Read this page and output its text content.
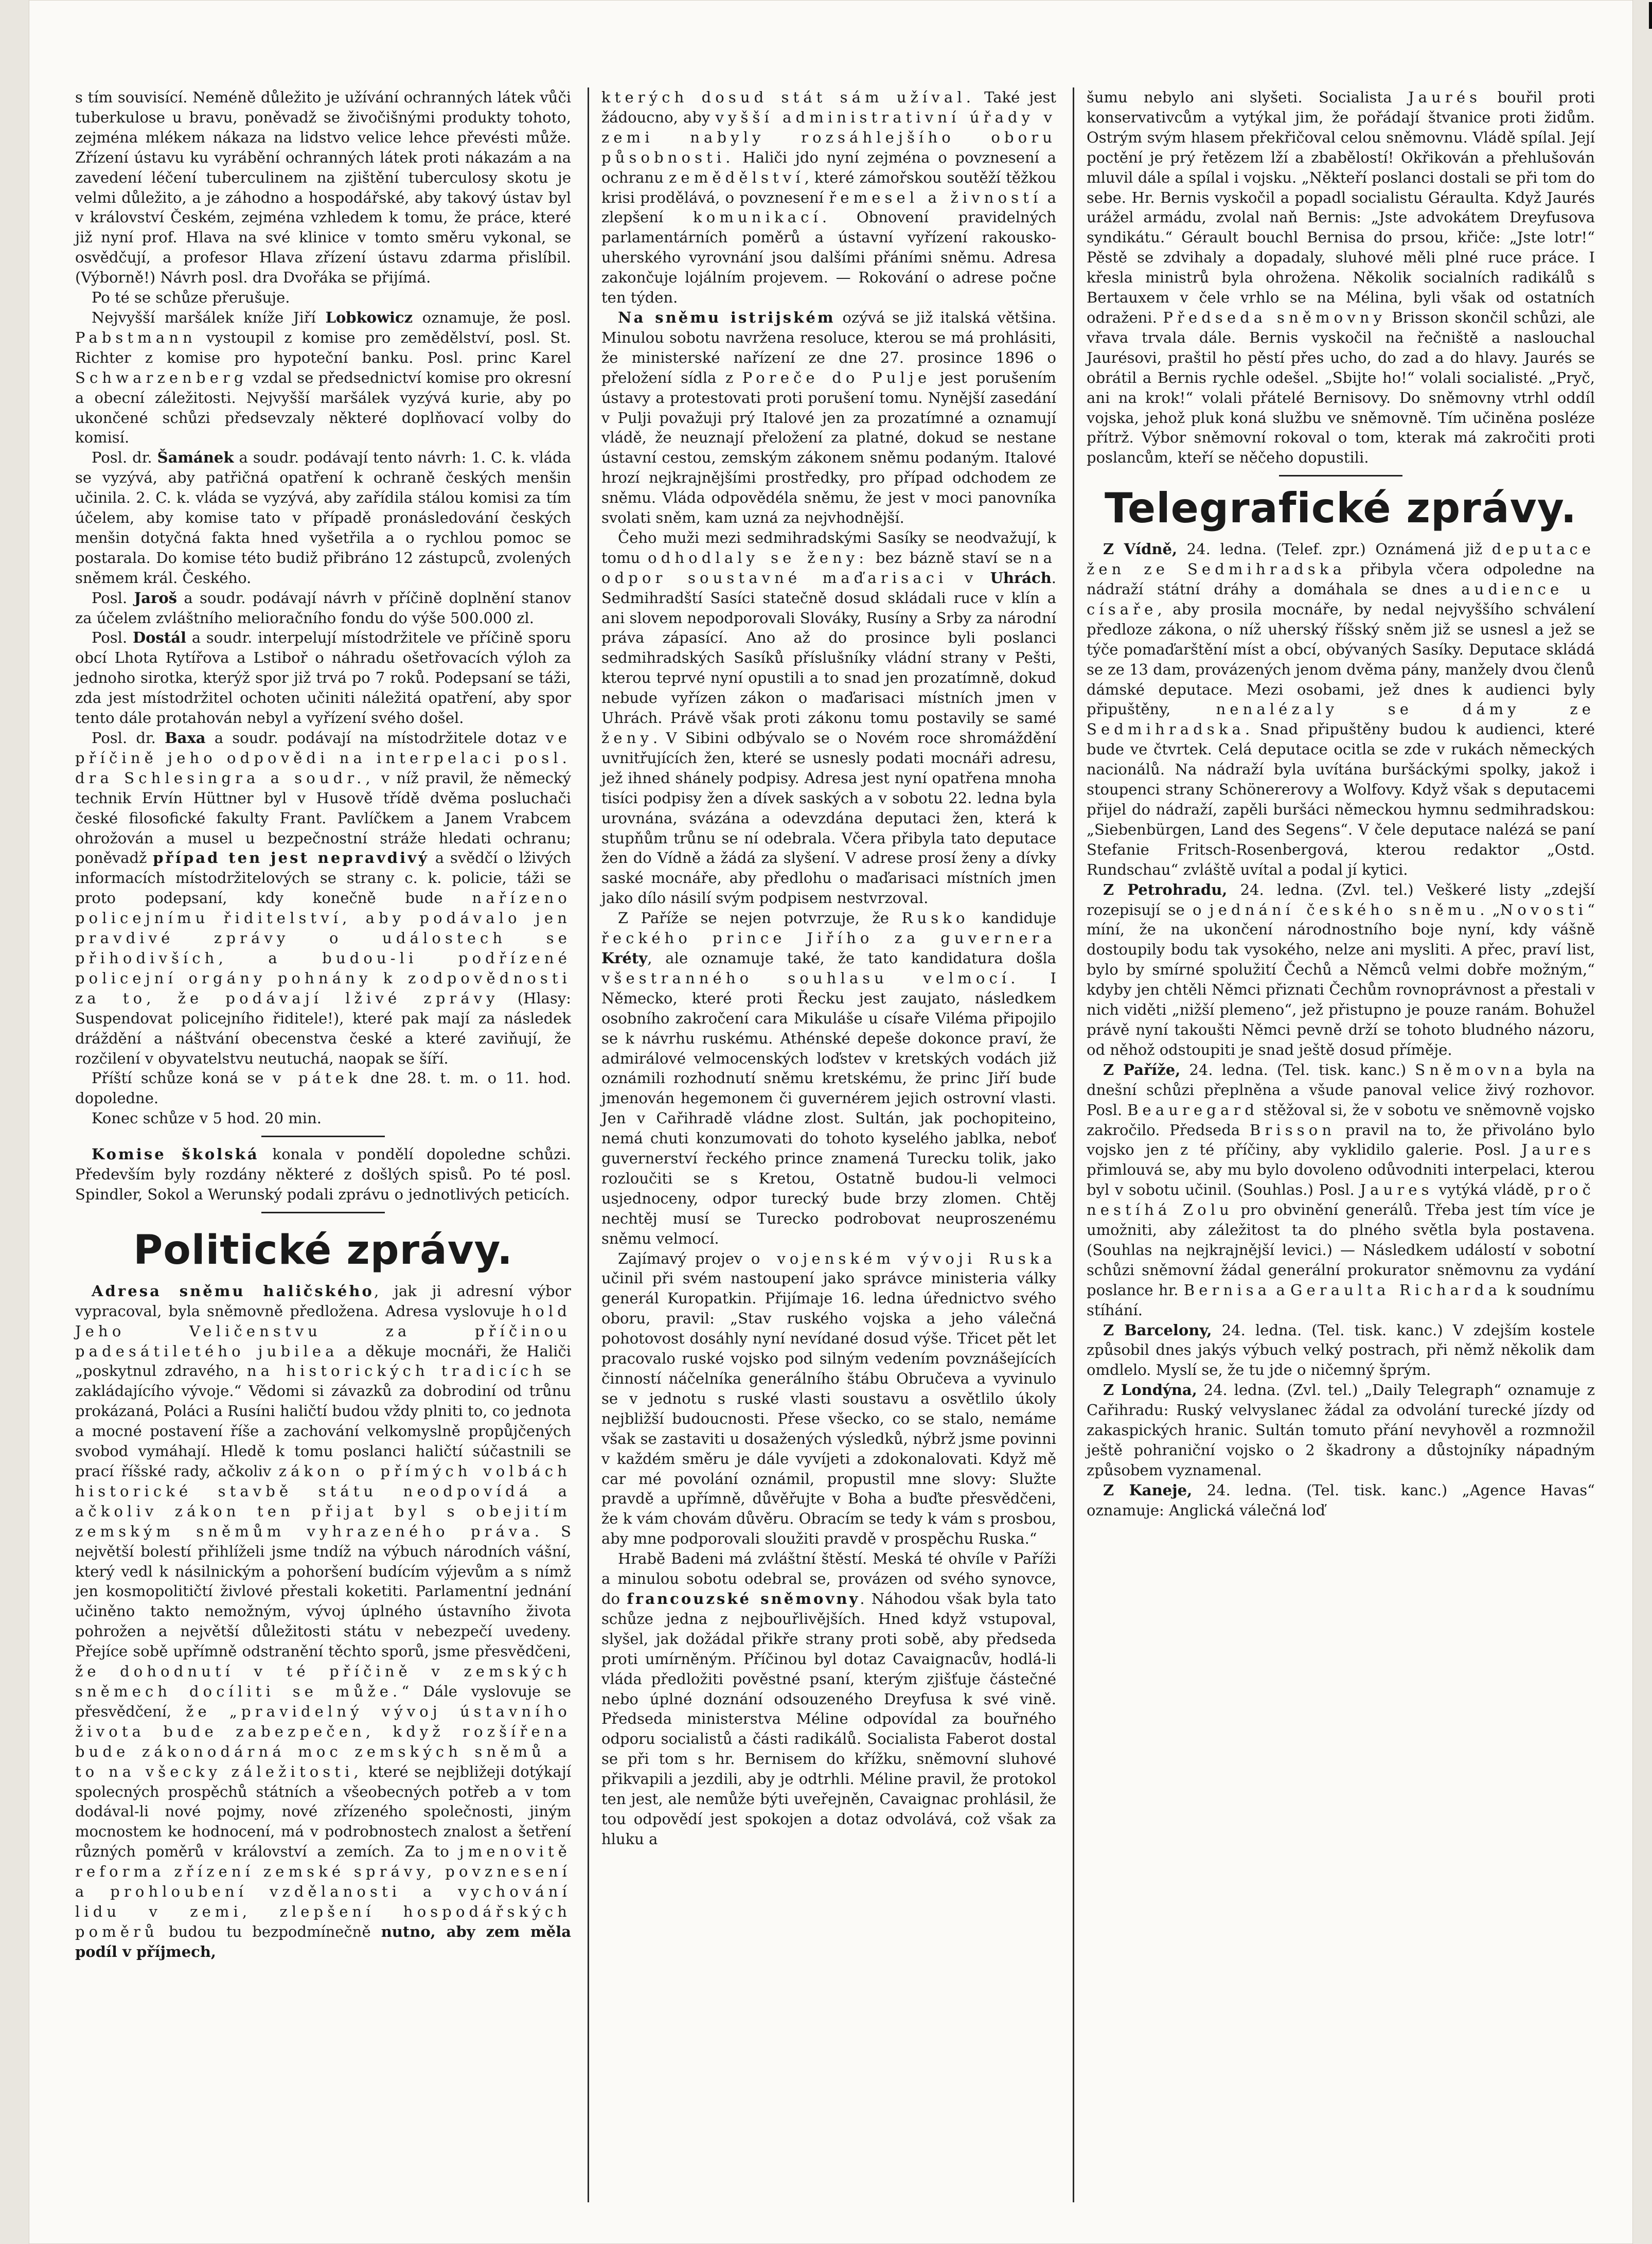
s tím souvisící. Neméně důležito je užívání ochranných látek vůči tuberkulose u bravu, poněvadž se živočišnými produkty tohoto, zejména mlékem nákaza na lidstvo velice lehce převésti může. Zřízení ústavu ku vyrábění ochranných látek proti nákazám a na zavedení léčení tuberculinem na zjištění tuberculosy skotu je velmi důležito, a je záhodno a hospodářské, aby takový ústav byl v království Českém, zejména vzhledem k tomu, že práce, které již nyní prof. Hlava na své klinice v tomto směru vykonal, se osvědčují, a profesor Hlava zřízení ústavu zdarma přislíbil. (Výborně!) Návrh posl. dra Dvořáka se přijímá.

Po té se schůze přerušuje.

Nejvyšší maršálek kníže Jiří Lobkowicz oznamuje, že posl. Pabstmann vystoupil z komise pro zemědělství, posl. St. Richter z komise pro hypoteční banku. Posl. princ Karel Schwarzenberg vzdal se předsednictví komise pro okresní a obecní záležitosti. Nejvyšší maršálek vyzývá kurie, aby po ukončené schůzi předsevzaly některé doplňovací volby do komisí.

Posl. dr. Šamánek a soudr. podávají tento návrh: 1. C. k. vláda se vyzývá, aby patřičná opatření k ochraně českých menšin učinila. 2. C. k. vláda se vyzývá, aby zařídila stálou komisi za tím účelem, aby komise tato v případě pronásledování českých menšin dotyčná fakta hned vyšetřila a o rychlou pomoc se postarala. Do komise této budiž přibráno 12 zástupců, zvolených sněmem král. Českého.

Posl. Jaroš a soudr. podávají návrh v příčině doplnění stanov za účelem zvláštního melioračního fondu do výše 500.000 zl.

Posl. Dostál a soudr. interpelují místodržitele ve příčině sporu obcí Lhota Rytířova a Lstiboř o náhradu ošetřovacích výloh za jednoho sirotka, kterýž spor již trvá po 7 roků. Podepsaní se táži, zda jest místodržitel ochoten učiniti náležitá opatření, aby spor tento dále protahován nebyl a vyřízení svého došel.

Posl. dr. Baxa a soudr. podávají na místodržitele dotaz ve příčině jeho odpovědi na interpelaci posl. dra Schlesingra a soudr., v níž pravil, že německý technik Ervín Hüttner byl v Husově třídě dvěma posluchači české filosofické fakulty Frant. Pavlíčkem a Janem Vrabcem ohrožován a musel u bezpečnostní stráže hledati ochranu; poněvadž případ ten jest nepravdivý a svědčí o lživých informacích místodržitelových se strany c. k. policie, táži se proto podepsaní, kdy konečně bude nařízeno policejnímu řiditelství, aby podávalo jen pravdivé zprávy o událostech se přihodivších, a budou-li podřízené policejní orgány pohnány k zodpovědnosti za to, že podávají lživé zprávy (Hlasy: Suspendovat policejního řiditele!), které pak mají za následek dráždění a náštvání obecenstva české a které zaviňují, že rozčilení v obyvatelstvu neutuchá, naopak se šíří.

Příští schůze koná se v pátek dne 28. t. m. o 11. hod. dopoledne.

Konec schůze v 5 hod. 20 min.

Komise školská konala v pondělí dopoledne schůzi. Především byly rozdány některé z došlých spisů. Po té posl. Spindler, Sokol a Werunský podali zprávu o jednotlivých peticích.

Politické zprávy.

Adresa sněmu haličského, jak ji adresní výbor vypracoval, byla sněmovně předložena. Adresa vyslovuje hold Jeho Veličenstvu za příčinou padesátiletého jubilea a děkuje mocnáři, že Haliči „poskytnul zdravého, na historických tradicích se zakládajícího vývoje.“ Vědomi si závazků za dobrodiní od trůnu prokázaná, Poláci a Rusíni haličtí budou vždy plniti to, co jednota a mocné postavení říše a zachování velkomyslně propůjčených svobod vymáhají. Hledě k tomu poslanci haličtí súčastnili se prací říšské rady, ačkoliv zákon o přímých volbách historické stavbě státu neodpovídá a ačkoliv zákon ten přijat byl s obejitím zemským sněmům vyhrazeného práva. S největší bolestí přihlíželi jsme tndíž na výbuch národních vášní, který vedl k násilnickým a pohoršení budícím výjevům a s nímž jen kosmopolitičtí živlové přestali koketiti. Parlamentní jednání učiněno takto nemožným, vývoj úplného ústavního života pohrožen a největší důležitosti státu v nebezpečí uvedeny. Přejíce sobě upřímně odstranění těchto sporů, jsme přesvědčeni, že dohodnutí v té příčině v zemských sněmech docíliti se může.“ Dále vyslovuje se přesvědčení, že „pravidelný vývoj ústavního života bude zabezpečen, když rozšířena bude zákonodárná moc zemských sněmů a to na všecky záležitosti, které se nejbližeji dotýkají spolecných prospěchů státních a všeobecných potřeb a v tom dodával-li nové pojmy, nové zřízeného společnosti, jiným mocnostem ke hodnocení, má v podrobnostech znalost a šetření různých poměrů v království a zemích. Za to jmenovitě reforma zřízení zemské správy, povznesení a prohloubení vzdělanosti a vychování lidu v zemi, zlepšení hospodářských poměrů budou tu bezpodmínečně nutno, aby zem měla podíl v příjmech,

kterých dosud stát sám užíval. Také jest žádoucno, aby vyšší administrativní úřady v zemi nabyly rozsáhlejšího oboru působnosti. Haliči jdo nyní zejména o povznesení a ochranu zemědělství, které zámořskou soutěží těžkou krisi prodělává, o povznesení řemesel a živností a zlepšení komunikací. Obnovení pravidelných parlamentárních poměrů a ústavní vyřízení rakousko-uherského vyrovnání jsou dalšími přáními sněmu. Adresa zakončuje lojálním projevem. — Rokování o adrese počne ten týden.

Na sněmu istrijském ozývá se již italská většina. Minulou sobotu navržena resoluce, kterou se má prohlásiti, že ministerské nařízení ze dne 27. prosince 1896 o přeložení sídla z Poreče do Pulje jest porušením ústavy a protestovati proti porušení tomu. Nynější zasedání v Pulji považuji prý Italové jen za prozatímné a oznamují vládě, že neuznají přeložení za platné, dokud se nestane ústavní cestou, zemským zákonem sněmu podaným. Italové hrozí nejkrajnějšími prostředky, pro případ odchodem ze sněmu. Vláda odpovědéla sněmu, že jest v moci panovníka svolati sněm, kam uzná za nejvhodnější.

Čeho muži mezi sedmihradskými Sasíky se neodvažují, k tomu odhodlaly se ženy: bez bázně staví se na odpor soustavné maďarisaci v Uhrách. Sedmihradští Sasíci statečně dosud skládali ruce v klín a ani slovem nepodporovali Slováky, Rusíny a Srby za národní práva zápasící. Ano až do prosince byli poslanci sedmihradských Sasíků příslušníky vládní strany v Pešti, kterou teprvé nyní opustili a to snad jen prozatímně, dokud nebude vyřízen zákon o maďarisaci místních jmen v Uhrách. Právě však proti zákonu tomu postavily se samé ženy. V Sibini odbývalo se o Novém roce shromáždění uvnitřujících žen, které se usnesly podati mocnáři adresu, jež ihned shánely podpisy. Adresa jest nyní opatřena mnoha tisíci podpisy žen a dívek saských a v sobotu 22. ledna byla urovnána, svázána a odevzdána deputaci žen, která k stupňům trůnu se ní odebrala. Včera přibyla tato deputace žen do Vídně a žádá za slyšení. V adrese prosí ženy a dívky saské mocnáře, aby předlohu o maďarisaci místních jmen jako dílo násilí svým podpisem nestvrzoval.

Z Paříže se nejen potvrzuje, že Rusko kandiduje řeckého prince Jiřího za guvernera Kréty, ale oznamuje také, že tato kandidatura došla všestranného souhlasu velmocí. I Německo, které proti Řecku jest zaujato, následkem osobního zakročení cara Mikuláše u císaře Viléma připojilo se k návrhu ruskému. Athénské depeše dokonce praví, že admirálové velmocenských loďstev v kretských vodách již oznámili rozhodnutí sněmu kretskému, že princ Jiří bude jmenován hegemonem či guvernérem jejich ostrovní vlasti. Jen v Cařihradě vládne zlost. Sultán, jak pochopiteino, nemá chuti konzumovati do tohoto kyselého jablka, neboť guvernerství řeckého prince znamená Turecku tolik, jako rozloučiti se s Kretou, Ostatně budou-li velmoci usjednoceny, odpor turecký bude brzy zlomen. Chtěj nechtěj musí se Turecko podrobovat neuproszenému sněmu velmocí.

Zajímavý projev o vojenském vývoji Ruska učinil při svém nastoupení jako správce ministeria války generál Kuropatkin. Přijímaje 16. ledna úřednictvo svého oboru, pravil: „Stav ruského vojska a jeho válečná pohotovost dosáhly nyní nevídané dosud výše. Třicet pět let pracovalo ruské vojsko pod silným vedením povznášejících činností náčelníka generálního štábu Obručeva a vyvinulo se v jednotu s ruské vlasti soustavu a osvětlilo úkoly nejbližší budoucnosti. Přese všecko, co se stalo, nemáme však se zastaviti u dosažených výsledků, nýbrž jsme povinni v každém směru je dále vyvíjeti a zdokonalovati. Když mě car mé povolání oznámil, propustil mne slovy: Služte pravdě a upřímně, důvěřujte v Boha a buďte přesvědčeni, že k vám chovám důvěru. Obracím se tedy k vám s prosbou, aby mne podporovali sloužiti pravdě v prospěchu Ruska.“

Hrabě Badeni má zvláštní štěstí. Meská té ohvíle v Paříži a minulou sobotu odebral se, provázen od svého synovce, do francouzské sněmovny. Náhodou však byla tato schůze jedna z nejbouřlivějších. Hned když vstupoval, slyšel, jak dožádal přikře strany proti sobě, aby předseda proti umírněným. Příčinou byl dotaz Cavaignacův, hodlá-li vláda předložiti pověstné psaní, kterým zjišťuje částečné nebo úplné doznání odsouzeného Dreyfusa k své vině. Předseda ministerstva Méline odpovídal za bouřného odporu socialistů a části radikálů. Socialista Faberot dostal se při tom s hr. Bernisem do křížku, sněmovní sluhové přikvapili a jezdili, aby je odtrhli. Méline pravil, že protokol ten jest, ale nemůže býti uveřejněn, Cavaignac prohlásil, že tou odpovědí jest spokojen a dotaz odvolává, což však za hluku a

šumu nebylo ani slyšeti. Socialista Jaurés bouřil proti konservativcům a vytýkal jim, že pořádají štvanice proti židům. Ostrým svým hlasem překřičoval celou sněmovnu. Vládě spílal. Její poctění je prý řetězem lží a zbabělostí! Okřikován a přehlušován mluvil dále a spílal i vojsku. „Někteří poslanci dostali se při tom do sebe. Hr. Bernis vyskočil a popadl socialistu Géraulta. Když Jaurés urážel armádu, zvolal naň Bernis: „Jste advokátem Dreyfusova syndikátu.“ Gérault bouchl Bernisa do prsou, křiče: „Jste lotr!“ Pěstě se zdvihaly a dopadaly, sluhové měli plné ruce práce. I křesla ministrů byla ohrožena. Několik socialních radikálů s Bertauxem v čele vrhlo se na Mélina, byli však od ostatních odraženi. Předseda sněmovny Brisson skončil schůzi, ale vřava trvala dále. Bernis vyskočil na řečniště a naslouchal Jaurésovi, praštil ho pěstí přes ucho, do zad a do hlavy. Jaurés se obrátil a Bernis rychle odešel. „Sbijte ho!“ volali socialisté. „Pryč, ani na krok!“ volali přátelé Bernisovy. Do sněmovny vtrhl oddíl vojska, jehož pluk koná službu ve sněmovně. Tím učiněna posléze přítrž. Výbor sněmovní rokoval o tom, kterak má zakročiti proti poslancům, kteří se něčeho dopustili.

Telegrafické zprávy.

Z Vídně, 24. ledna. (Telef. zpr.) Oznámená již deputace žen ze Sedmihradska přibyla včera odpoledne na nádraží státní dráhy a domáhala se dnes audience u císaře, aby prosila mocnáře, by nedal nejvyššího schválení předloze zákona, o níž uherský říšský sněm již se usnesl a jež se týče pomaďarštění míst a obcí, obývaných Sasíky. Deputace skládá se ze 13 dam, provázených jenom dvěma pány, manžely dvou členů dámské deputace. Mezi osobami, jež dnes k audienci byly připuštěny, nenalézaly se dámy ze Sedmihradska. Snad připuštěny budou k audienci, které bude ve čtvrtek. Celá deputace ocitla se zde v rukách německých nacionálů. Na nádraží byla uvítána buršáckými spolky, jakož i stoupenci strany Schönererovy a Wolfovy. Když však s deputacemi přijel do nádraží, zapěli buršáci německou hymnu sedmihradskou: „Siebenbürgen, Land des Segens“. V čele deputace nalézá se paní Stefanie Fritsch-Rosenbergová, kterou redaktor „Ostd. Rundschau“ zvláště uvítal a podal jí kytici.

Z Petrohradu, 24. ledna. (Zvl. tel.) Veškeré listy „zdejší rozepisují se o jednání českého sněmu. „Novosti“ míní, že na ukončení národnostního boje nyní, kdy vášně dostoupily bodu tak vysokého, nelze ani mysliti. A přec, praví list, bylo by smírné spolužití Čechů a Němců velmi dobře možným,“ kdyby jen chtěli Němci přiznati Čechům rovnoprávnost a přestali v nich viděti „nižší plemeno“, jež přistupno je pouze ranám. Bohužel právě nyní takoušti Němci pevně drží se tohoto bludného názoru, od něhož odstoupiti je snad ještě dosud příměje.

Z Paříže, 24. ledna. (Tel. tisk. kanc.) Sněmovna byla na dnešní schůzi přeplněna a všude panoval velice živý rozhovor. Posl. Beauregard stěžoval si, že v sobotu ve sněmovně vojsko zakročilo. Předseda Brisson pravil na to, že přivoláno bylo vojsko jen z té příčiny, aby vyklidilo galerie. Posl. Jaures přimlouvá se, aby mu bylo dovoleno odůvodniti interpelaci, kterou byl v sobotu učinil. (Souhlas.) Posl. Jaures vytýká vládě, proč nestíhá Zolu pro obvinění generálů. Třeba jest tím více je umožniti, aby záležitost ta do plného světla byla postavena. (Souhlas na nejkrajnější levici.) — Následkem událostí v sobotní schůzi sněmovní žádal generální prokurator sněmovnu za vydání poslance hr. Bernisa a Geraulta Richarda k soudnímu stíhání.

Z Barcelony, 24. ledna. (Tel. tisk. kanc.) V zdejším kostele způsobil dnes jakýs výbuch velký postrach, při němž několik dam omdlelo. Myslí se, že tu jde o ničemný šprým.

Z Londýna, 24. ledna. (Zvl. tel.) „Daily Telegraph“ oznamuje z Cařihradu: Ruský velvyslanec žádal za odvolání turecké jízdy od zakaspických hranic. Sultán tomuto přání nevyhověl a rozmnožil ještě pohraniční vojsko o 2 škadrony a důstojníky nápadným způsobem vyznamenal.

Z Kaneje, 24. ledna. (Tel. tisk. kanc.) „Agence Havas“ oznamuje: Anglická válečná loď
